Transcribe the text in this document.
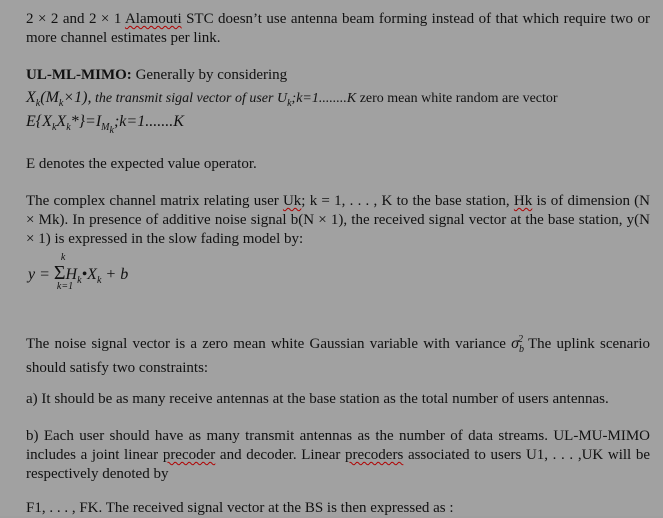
2 × 2 and 2 × 1 Alamouti STC doesn’t use antenna beam forming instead of that which require two or more channel estimates per link.
UL-ML-MIMO: Generally by considering
$X_k(M_k\times 1)$, the transmit sigal vector of user $U_k;k=1........K$ zero mean white random are vector
$E\{X_kX_k*\}=I_{M_k};k=1.......K$
E denotes the expected value operator.
The complex channel matrix relating user Uk; k = 1, . . . , K to the base station, Hk is of dimension (N × Mk). In presence of additive noise signal b(N × 1), the received signal vector at the base station, y(N × 1) is expressed in the slow fading model by:
y =
k
Σ
k=1
$H_k•X_k + b$
The noise signal vector is a zero mean white Gaussian variable with variance $\sigma_b^2$ The uplink scenario should satisfy two constraints:
a) It should be as many receive antennas at the base station as the total number of users antennas.
b) Each user should have as many transmit antennas as the number of data streams. UL-MU-MIMO includes a joint linear precoder and decoder. Linear precoders associated to users U1, . . . ,UK will be respectively denoted by
F1, . . . , FK. The received signal vector at the BS is then expressed as :
